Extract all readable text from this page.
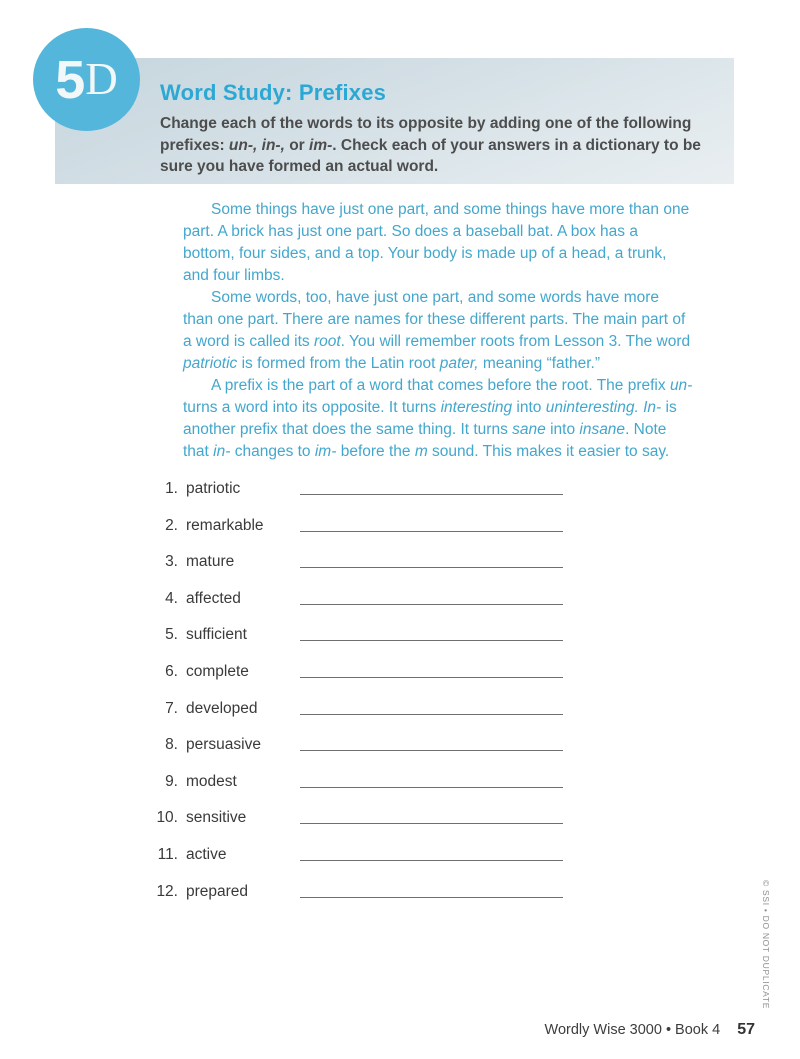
5 D Word Study: Prefixes

Change each of the words to its opposite by adding one of the following prefixes: un-, in-, or im-. Check each of your answers in a dictionary to be sure you have formed an actual word.

Some things have just one part, and some things have more than one part. A brick has just one part. So does a baseball bat. A box has a bottom, four sides, and a top. Your body is made up of a head, a trunk, and four limbs.

Some words, too, have just one part, and some words have more than one part. There are names for these different parts. The main part of a word is called its root. You will remember roots from Lesson 3. The word patriotic is formed from the Latin root pater, meaning “father.”

A prefix is the part of a word that comes before the root. The prefix un- turns a word into its opposite. It turns interesting into uninteresting. In- is another prefix that does the same thing. It turns sane into insane. Note that in- changes to im- before the m sound. This makes it easier to say.

1. patriotic
2. remarkable
3. mature
4. affected
5. sufficient
6. complete
7. developed
8. persuasive
9. modest
10. sensitive
11. active
12. prepared
Wordly Wise 3000 • Book 4 57
© SSI • DO NOT DUPLICATE
